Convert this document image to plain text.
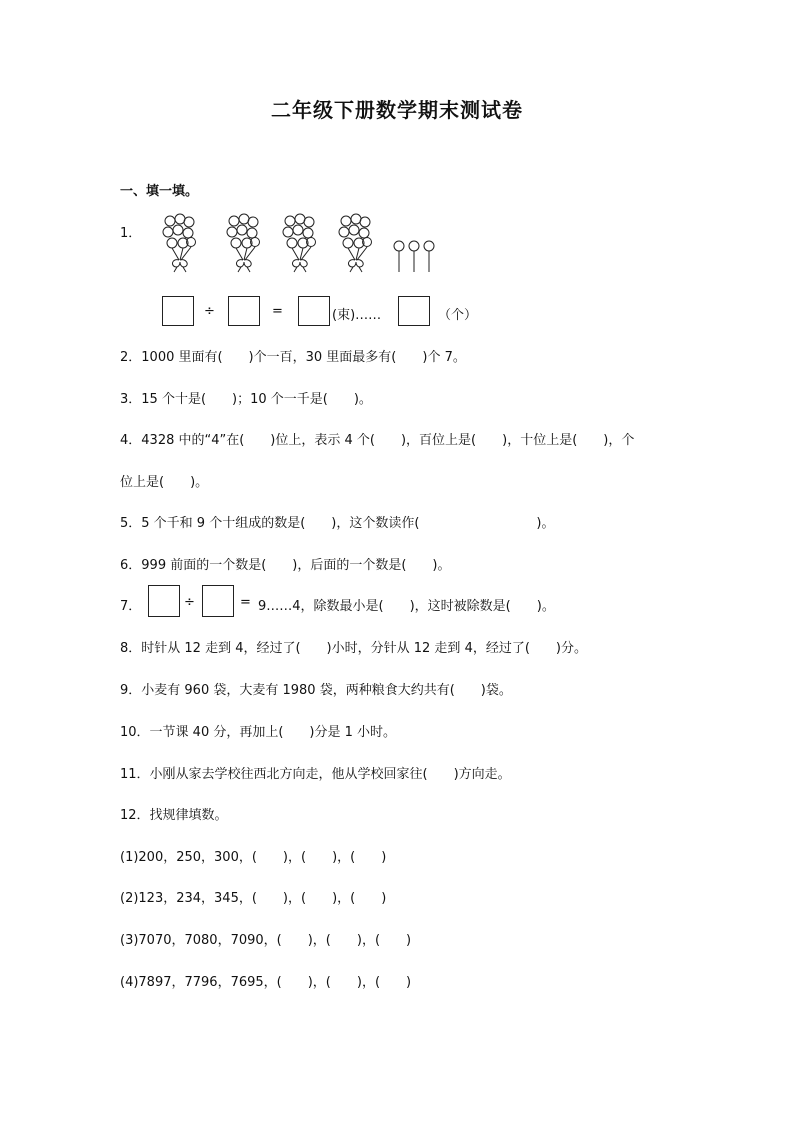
二年级下册数学期末测试卷
一、填一填。
1．
÷	=	(束)……	（个）
2．1000 里面有(　　)个一百，30 里面最多有(　　)个 7。
3．15 个十是(　　)；10 个一千是(　　)。
4．4328 中的“4”在(　　)位上，表示 4 个(　　)，百位上是(　　)，十位上是(　　)，个
位上是(　　)。
5．5 个千和 9 个十组成的数是(　　)，这个数读作(　　　　　　　　　)。
6．999 前面的一个数是(　　)，后面的一个数是(　　)。
7．	÷	= 9……4，除数最小是(　　)，这时被除数是(　　)。
8．时针从 12 走到 4，经过了(　　)小时，分针从 12 走到 4，经过了(　　)分。
9．小麦有 960 袋，大麦有 1980 袋，两种粮食大约共有(　　)袋。
10．一节课 40 分，再加上(　　)分是 1 小时。
11．小刚从家去学校往西北方向走，他从学校回家往(　　)方向走。
12．找规律填数。
(1)200，250，300，(　　)，(　　)，(　　)
(2)123，234，345，(　　)，(　　)，(　　)
(3)7070，7080，7090，(　　)，(　　)，(　　)
(4)7897，7796，7695，(　　)，(　　)，(　　)
